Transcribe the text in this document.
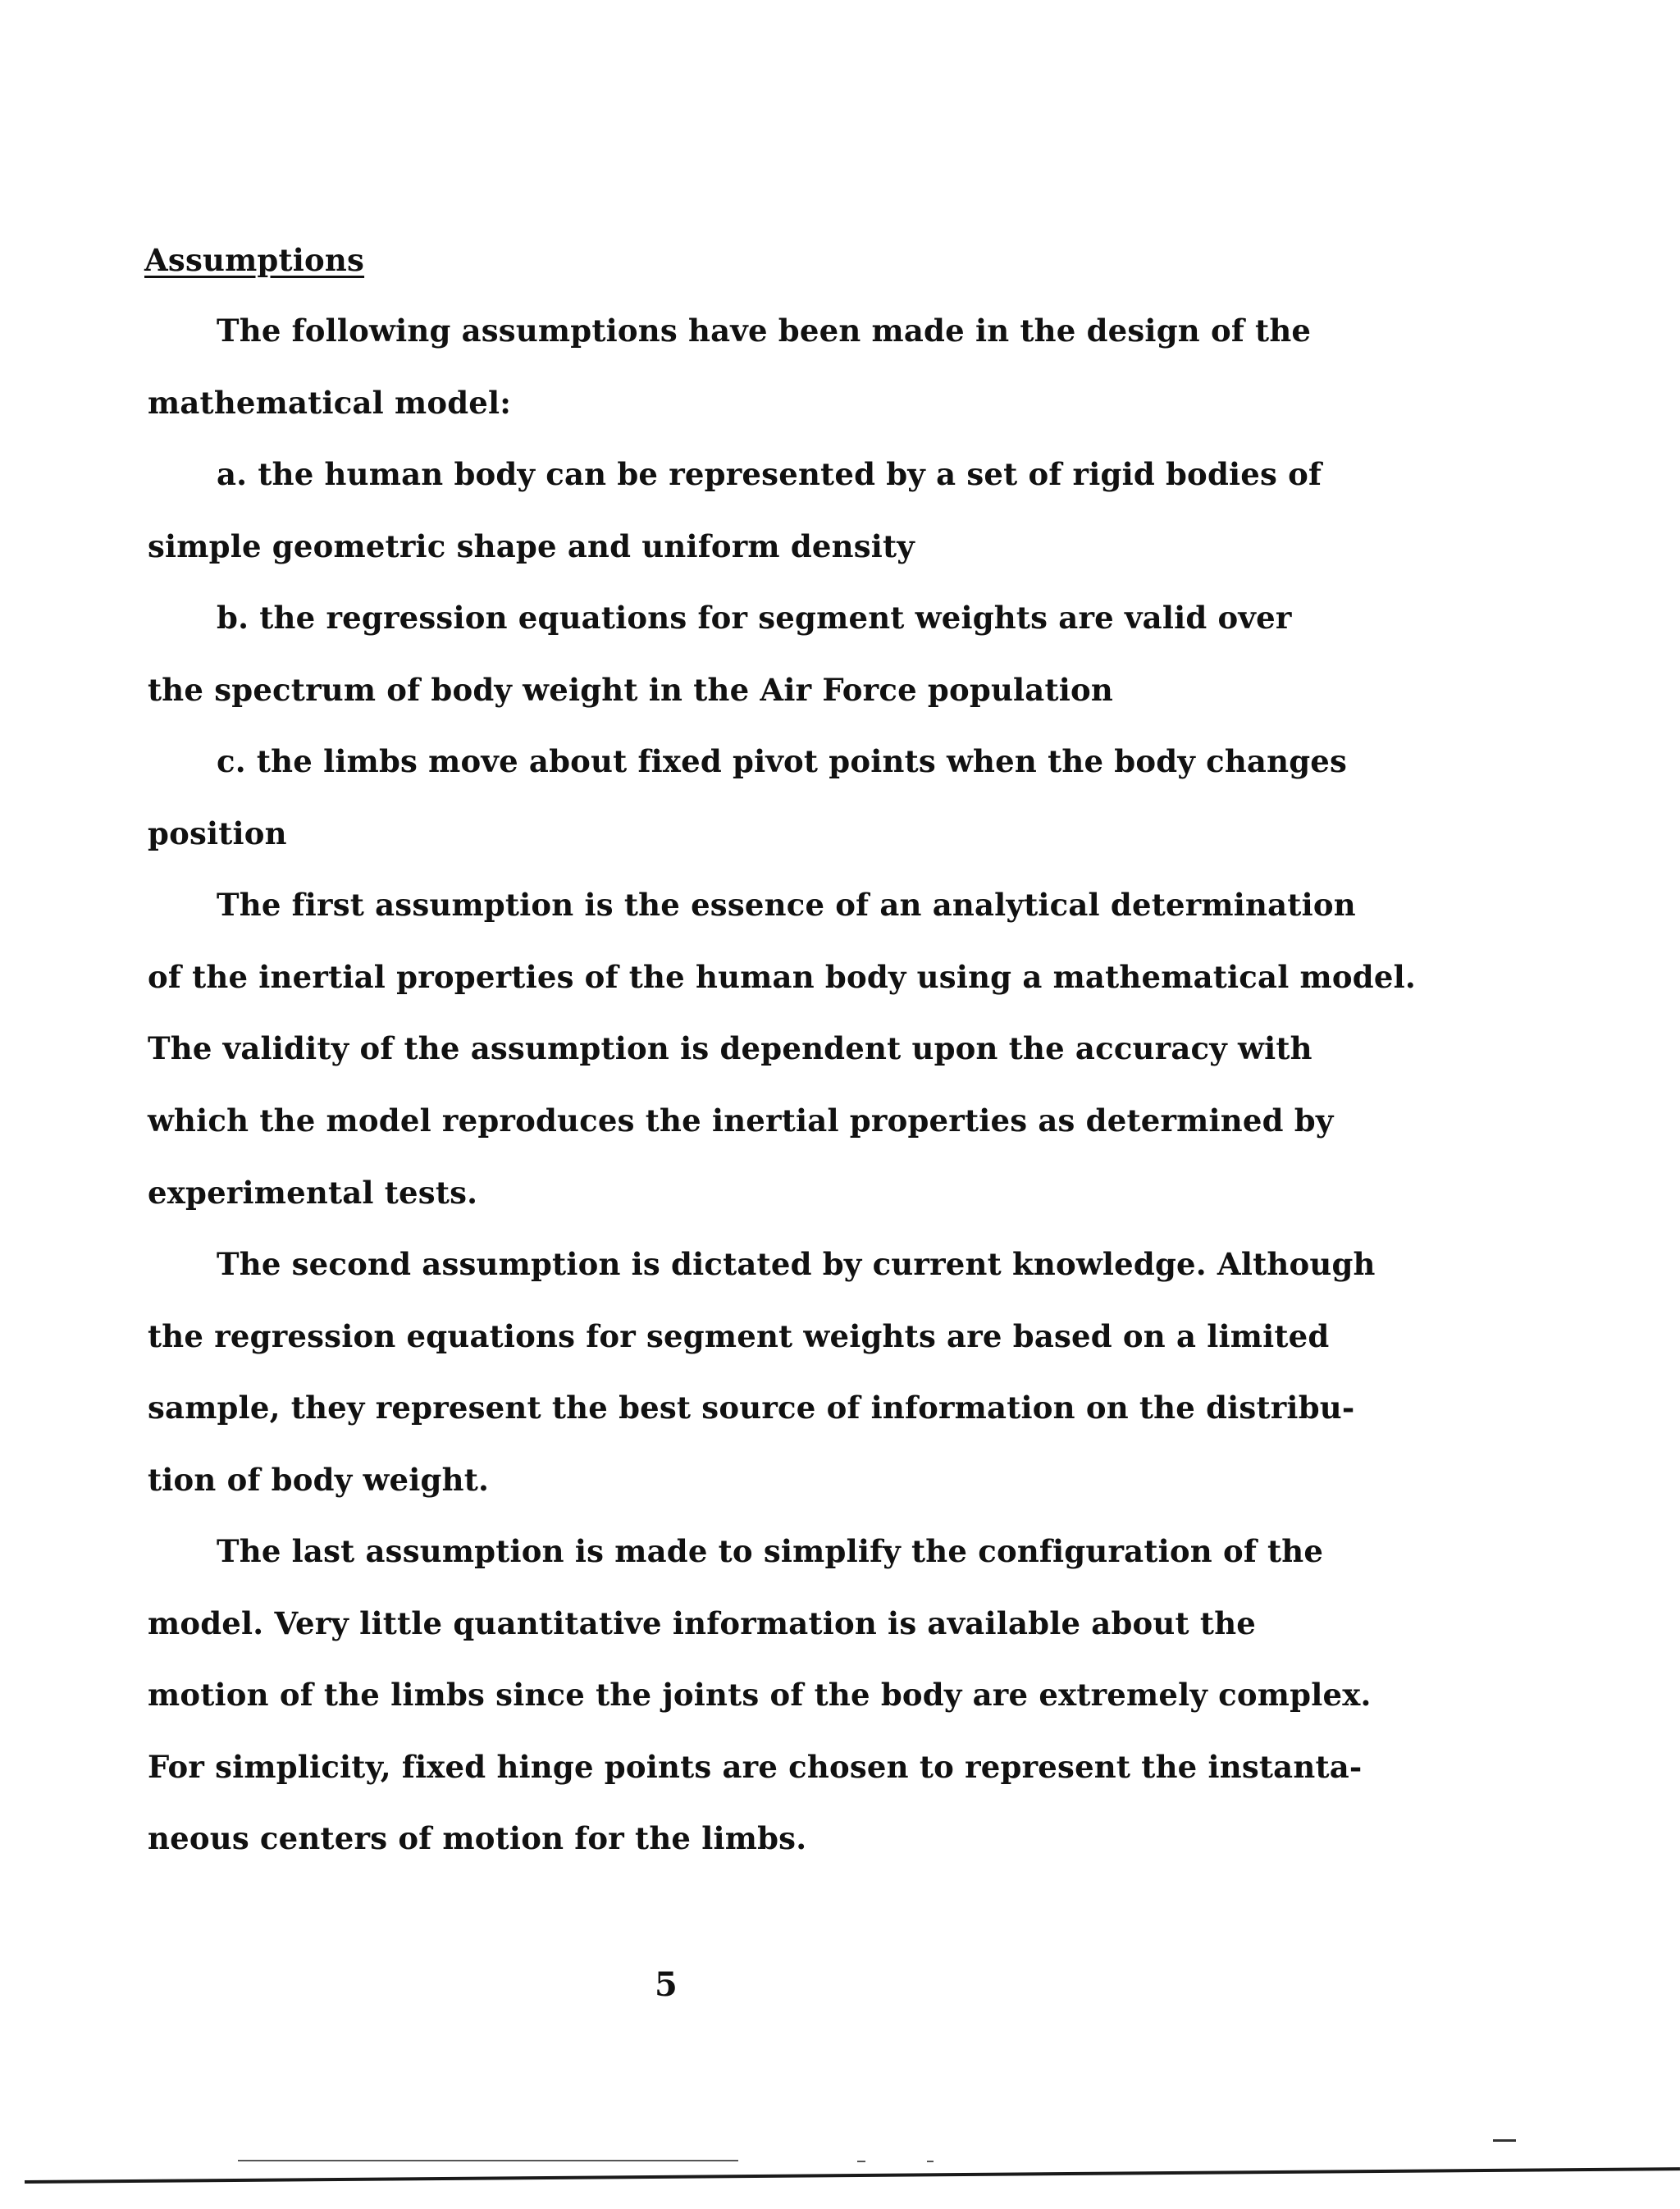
Assumptions

The following assumptions have been made in the design of the

mathematical model:

a. the human body can be represented by a set of rigid bodies of

simple geometric shape and uniform density

b. the regression equations for segment weights are valid over

the spectrum of body weight in the Air Force population

c. the limbs move about fixed pivot points when the body changes

position

The first assumption is the essence of an analytical determination

of the inertial properties of the human body using a mathematical model.

The validity of the assumption is dependent upon the accuracy with

which the model reproduces the inertial properties as determined by

experimental tests.

The second assumption is dictated by current knowledge. Although

the regression equations for segment weights are based on a limited

sample, they represent the best source of information on the distribu-

tion of body weight.

The last assumption is made to simplify the configuration of the

model. Very little quantitative information is available about the

motion of the limbs since the joints of the body are extremely complex.

For simplicity, fixed hinge points are chosen to represent the instanta-

neous centers of motion for the limbs.

5
